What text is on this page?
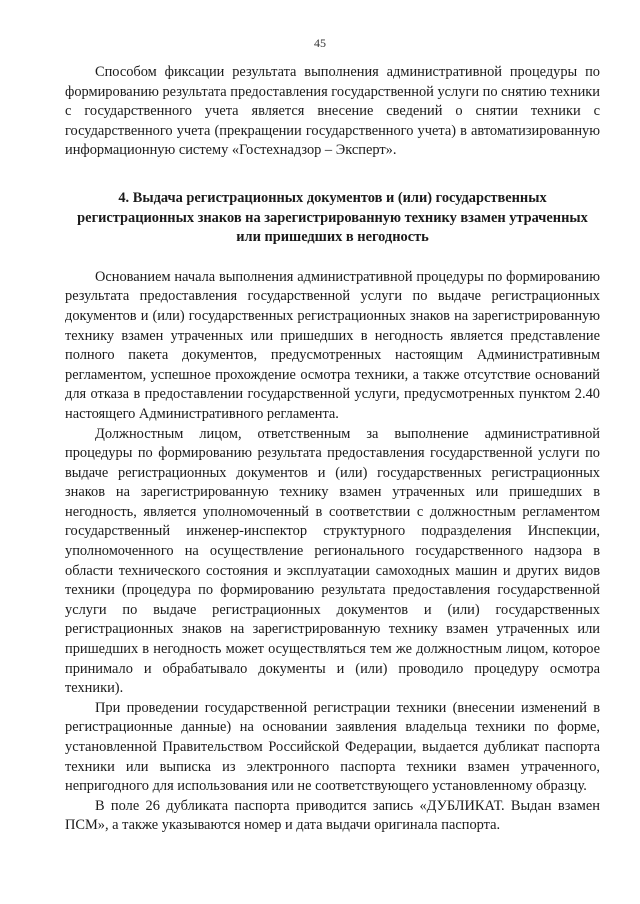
45

Способом фиксации результата выполнения административной процедуры по формированию результата предоставления государственной услуги по снятию техники с государственного учета является внесение сведений о снятии техники с государственного учета (прекращении государственного учета) в автоматизированную информационную систему «Гостехнадзор – Эксперт».

4. Выдача регистрационных документов и (или) государственных регистрационных знаков на зарегистрированную технику взамен утраченных или пришедших в негодность

Основанием начала выполнения административной процедуры по формированию результата предоставления государственной услуги по выдаче регистрационных документов и (или) государственных регистрационных знаков на зарегистрированную технику взамен утраченных или пришедших в негодность является представление полного пакета документов, предусмотренных настоящим Административным регламентом, успешное прохождение осмотра техники, а также отсутствие оснований для отказа в предоставлении государственной услуги, предусмотренных пунктом 2.40 настоящего Административного регламента.

Должностным лицом, ответственным за выполнение административной процедуры по формированию результата предоставления государственной услуги по выдаче регистрационных документов и (или) государственных регистрационных знаков на зарегистрированную технику взамен утраченных или пришедших в негодность, является уполномоченный в соответствии с должностным регламентом государственный инженер-инспектор структурного подразделения Инспекции, уполномоченного на осуществление регионального государственного надзора в области технического состояния и эксплуатации самоходных машин и других видов техники (процедура по формированию результата предоставления государственной услуги по выдаче регистрационных документов и (или) государственных регистрационных знаков на зарегистрированную технику взамен утраченных или пришедших в негодность может осуществляться тем же должностным лицом, которое принимало и обрабатывало документы и (или) проводило процедуру осмотра техники).

При проведении государственной регистрации техники (внесении изменений в регистрационные данные) на основании заявления владельца техники по форме, установленной Правительством Российской Федерации, выдается дубликат паспорта техники или выписка из электронного паспорта техники взамен утраченного, непригодного для использования или не соответствующего установленному образцу.

В поле 26 дубликата паспорта приводится запись «ДУБЛИКАТ. Выдан взамен ПСМ», а также указываются номер и дата выдачи оригинала паспорта.
